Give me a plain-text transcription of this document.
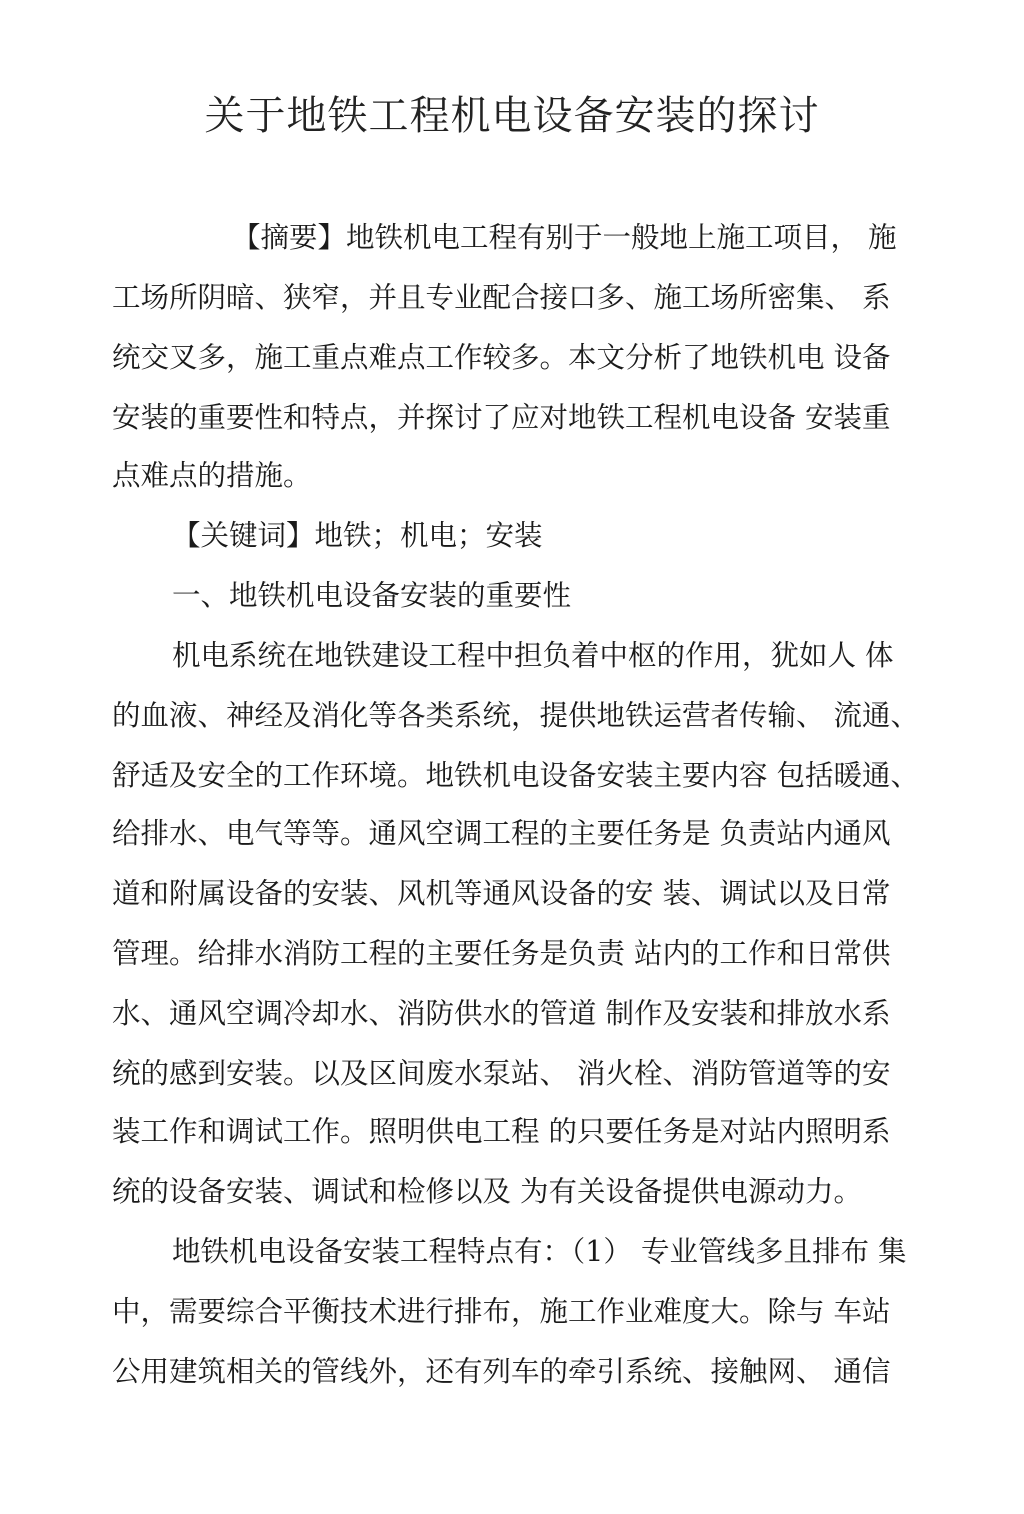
关于地铁工程机电设备安装的探讨
【摘要】地铁机电工程有别于一般地上施工项目， 施
工场所阴暗、狭窄，并且专业配合接口多、施工场所密集、 系
统交叉多，施工重点难点工作较多。本文分析了地铁机电 设备
安装的重要性和特点，并探讨了应对地铁工程机电设备 安装重
点难点的措施。
【关键词】地铁；机电；安装
一、地铁机电设备安装的重要性
机电系统在地铁建设工程中担负着中枢的作用，犹如人 体
的血液、神经及消化等各类系统，提供地铁运营者传输、 流通、
舒适及安全的工作环境。地铁机电设备安装主要内容 包括暖通、
给排水、电气等等。通风空调工程的主要任务是 负责站内通风
道和附属设备的安装、风机等通风设备的安 装、调试以及日常
管理。给排水消防工程的主要任务是负责 站内的工作和日常供
水、通风空调冷却水、消防供水的管道 制作及安装和排放水系
统的感到安装。以及区间废水泵站、 消火栓、消防管道等的安
装工作和调试工作。照明供电工程 的只要任务是对站内照明系
统的设备安装、调试和检修以及 为有关设备提供电源动力。
地铁机电设备安装工程特点有：（1） 专业管线多且排布 集
中，需要综合平衡技术进行排布，施工作业难度大。除与 车站
公用建筑相关的管线外，还有列车的牵引系统、接触网、 通信
